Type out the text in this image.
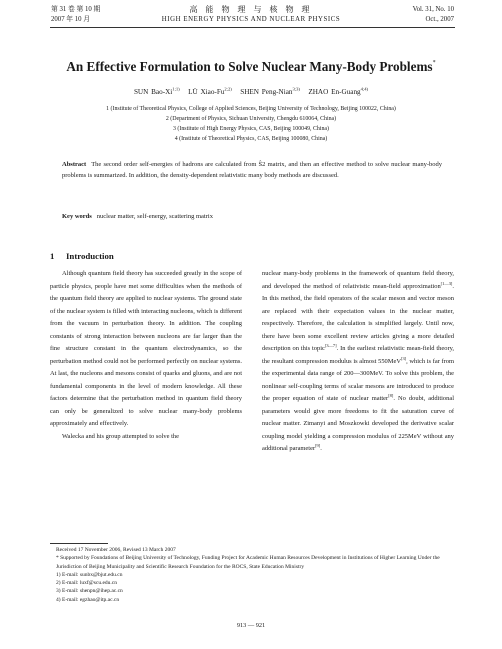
第 31 卷 第 10 期
2007 年 10 月
高 能 物 理 与 核 物 理
HIGH ENERGY PHYSICS AND NUCLEAR PHYSICS
Vol. 31, No. 10
Oct., 2007
An Effective Formulation to Solve Nuclear Many-Body Problems*
SUN Bao-Xi$^{1;1)}$ LÜ Xiao-Fu$^{2;2)}$ SHEN Peng-Nian$^{3;3)}$ ZHAO En-Guang$^{4;4)}$
1 (Institute of Theoretical Physics, College of Applied Sciences, Beijing University of Technology, Beijing 100022, China)
2 (Department of Physics, Sichuan University, Chengdu 610064, China)
3 (Institute of High Energy Physics, CAS, Beijing 100049, China)
4 (Institute of Theoretical Physics, CAS, Beijing 100080, China)
Abstract The second order self-energies of hadrons are calculated from Ŝ2 matrix, and then an effective method to solve nuclear many-body problems is summarized. In addition, the density-dependent relativistic many body methods are discussed.
Key words nuclear matter, self-energy, scattering matrix
1 Introduction

Although quantum field theory has succeeded greatly in the scope of particle physics, people have met some difficulties when the methods of the quantum field theory are applied to nuclear systems. The ground state of the nuclear system is filled with interacting nucleons, which is different from the vacuum in perturbation theory. In addition. The coupling constants of strong interaction between nucleons are far larger than the fine structure constant in the quantum electrodynamics, so the perturbation method could not be performed perfectly on nuclear systems. At last, the nucleons and mesons consist of quarks and gluons, and are not fundamental components in the level of modern knowledge. All these factors determine that the perturbation method in quantum field theory can only be generalized to solve nuclear many-body problems approximately and effectively.

Walecka and his group attempted to solve the

nuclear many-body problems in the framework of quantum field theory, and developed the method of relativistic mean-field approximation[1—3]. In this method, the field operators of the scalar meson and vector meson are replaced with their expectation values in the nuclear matter, respectively. Therefore, the calculation is simplified largely. Until now, there have been some excellent review articles giving a more detailed description on this topic[3—7]. In the earliest relativistic mean-field theory, the resultant compression modulus is almost 550MeV[3], which is far from the experimental data range of 200—300MeV. To solve this problem, the nonlinear self-coupling terms of scalar mesons are introduced to produce the proper equation of state of nuclear matter[8]. No doubt, additional parameters would give more freedoms to fit the saturation curve of nuclear matter. Zimanyi and Moszkowki developed the derivative scalar coupling model yielding a compression modulus of 225MeV without any additional parameter[9].

Received 17 November 2006, Revised 13 March 2007
* Supported by Foundations of Beijing University of Technology, Funding Project for Academic Human Resources Development in Institutions of Higher Learning Under the Jurisdiction of Beijing Municipality and Scientific Research Foundation for the ROCS, State Education Ministry
1) E-mail: sunbx@bjut.edu.cn
2) E-mail: luxf@scu.edu.cn
3) E-mail: shenpn@ihep.ac.cn
4) E-mail: egzhao@itp.ac.cn
913 — 921
